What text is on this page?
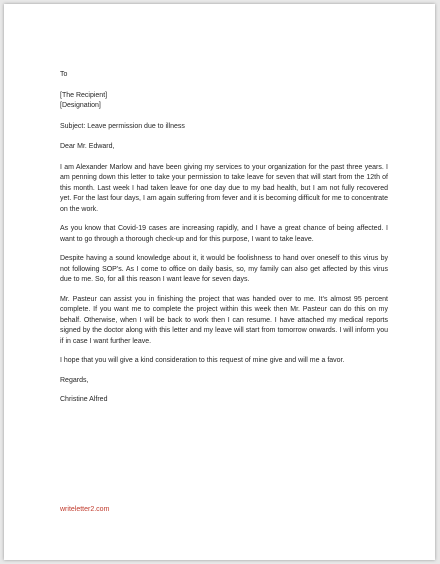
To

[The Recipient]

[Designation]

Subject: Leave permission due to illness

Dear Mr. Edward,

I am Alexander Marlow and have been giving my services to your organization for the past three years. I am penning down this letter to take your permission to take leave for seven that will start from the 12th of this month. Last week I had taken leave for one day due to my bad health, but I am not fully recovered yet. For the last four days, I am again suffering from fever and it is becoming difficult for me to concentrate on the work.

As you know that Covid-19 cases are increasing rapidly, and I have a great chance of being affected. I want to go through a thorough check-up and for this purpose, I want to take leave.

Despite having a sound knowledge about it, it would be foolishness to hand over oneself to this virus by not following SOP’s. As I come to office on daily basis, so, my family can also get affected by this virus due to me. So, for all this reason I want leave for seven days.

Mr. Pasteur can assist you in finishing the project that was handed over to me. It’s almost 95 percent complete. If you want me to complete the project within this week then Mr. Pasteur can do this on my behalf. Otherwise, when I will be back to work then I can resume. I have attached my medical reports signed by the doctor along with this letter and my leave will start from tomorrow onwards. I will inform you if in case I want further leave.

I hope that you will give a kind consideration to this request of mine give and will me a favor.

Regards,

Christine Alfred

writeletter2.com
